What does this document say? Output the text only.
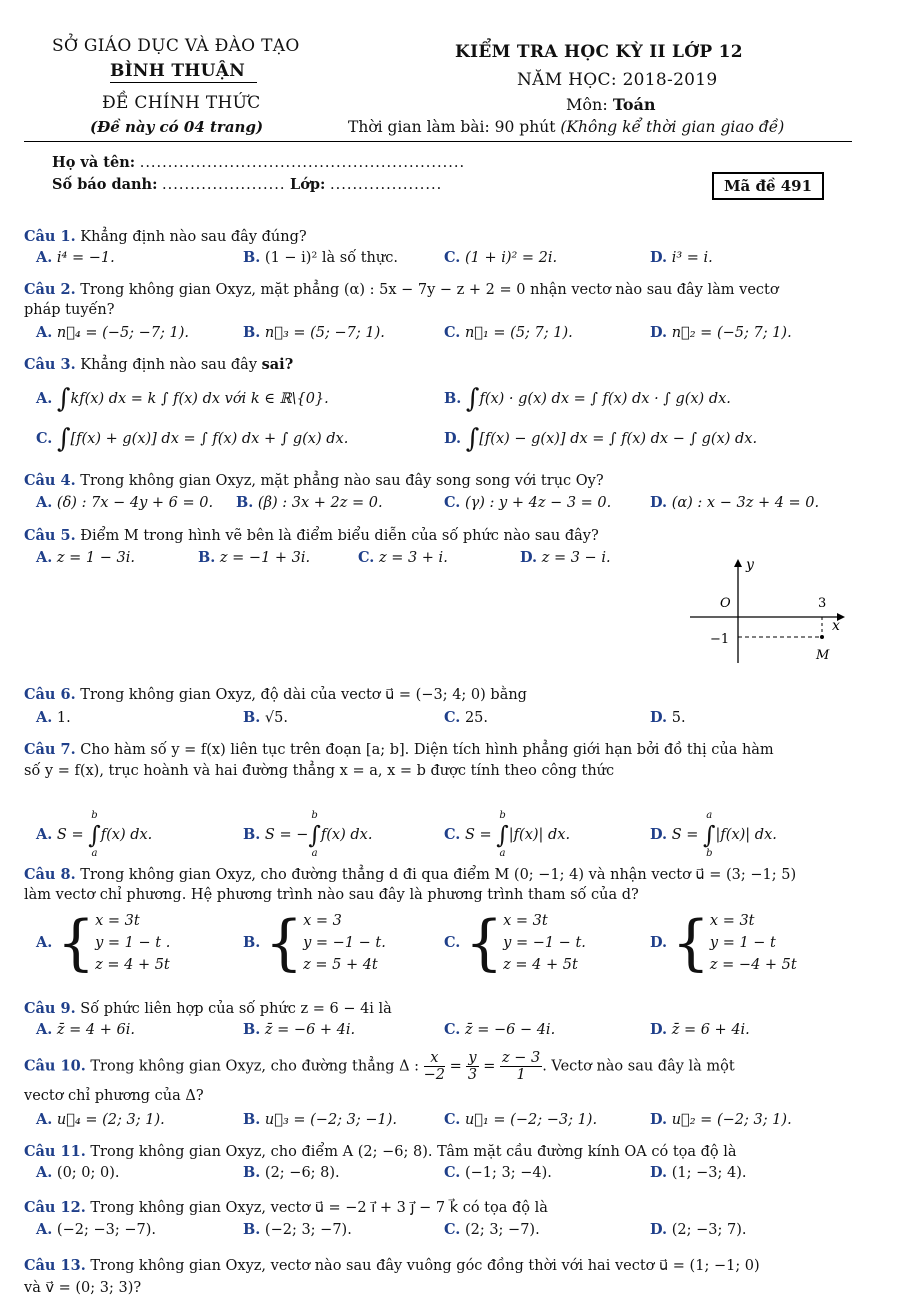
SỞ GIÁO DỤC VÀ ĐÀO TẠO
BÌNH THUẬN
ĐỀ CHÍNH THỨC
(Đề này có 04 trang)
KIỂM TRA HỌC KỲ II LỚP 12
NĂM HỌC: 2018-2019
Môn: Toán
Thời gian làm bài: 90 phút (Không kể thời gian giao đề)
Họ và tên: ..........................................................
Số báo danh: ...................... Lớp: ....................	Mã đề 491
Câu 1. Khẳng định nào sau đây đúng?
A. i⁴ = −1.	B. (1 − i)² là số thực.	C. (1 + i)² = 2i.	D. i³ = i.
Câu 2. Trong không gian Oxyz, mặt phẳng (α) : 5x − 7y − z + 2 = 0 nhận vectơ nào sau đây làm vectơ
pháp tuyến?
A. n⃗₄ = (−5; −7; 1).	B. n⃗₃ = (5; −7; 1).	C. n⃗₁ = (5; 7; 1).	D. n⃗₂ = (−5; 7; 1).
Câu 3. Khẳng định nào sau đây sai?
A. ∫kf(x) dx = k ∫ f(x) dx với k ∈ ℝ\{0}.	B. ∫f(x) · g(x) dx = ∫ f(x) dx · ∫ g(x) dx.
C. ∫[f(x) + g(x)] dx = ∫ f(x) dx + ∫ g(x) dx.	D. ∫[f(x) − g(x)] dx = ∫ f(x) dx − ∫ g(x) dx.
Câu 4. Trong không gian Oxyz, mặt phẳng nào sau đây song song với trục Oy?
A. (δ) : 7x − 4y + 6 = 0. B. (β) : 3x + 2z = 0.	C. (γ) : y + 4z − 3 = 0.	D. (α) : x − 3z + 4 = 0.
Câu 5. Điểm M trong hình vẽ bên là điểm biểu diễn của số phức nào sau đây?
A. z = 1 − 3i.	B. z = −1 + 3i.	C. z = 3 + i.	D. z = 3 − i.	y
x
O	3
−1
M
Câu 6. Trong không gian Oxyz, độ dài của vectơ u⃗ = (−3; 4; 0) bằng
A. 1.	B. √5.	C. 25.	D. 5.
Câu 7. Cho hàm số y = f(x) liên tục trên đoạn [a; b]. Diện tích hình phẳng giới hạn bởi đồ thị của hàm
số y = f(x), trục hoành và hai đường thẳng x = a, x = b được tính theo công thức
A. S =
b
∫
a
f(x) dx.	B. S = −
b
∫
a
f(x) dx.	C. S =
b
∫
a
|f(x)| dx.	D. S =
a
∫
b
|f(x)| dx.
Câu 8. Trong không gian Oxyz, cho đường thẳng d đi qua điểm M (0; −1; 4) và nhận vectơ u⃗ = (3; −1; 5)
làm vectơ chỉ phương. Hệ phương trình nào sau đây là phương trình tham số của d?
A. { x = 3t
y = 1 − t .
z = 4 + 5t
B. { x = 3
y = −1 − t.
z = 5 + 4t
C. { x = 3t
y = −1 − t.
z = 4 + 5t
D. { x = 3t
y = 1 − t
z = −4 + 5t
Câu 9. Số phức liên hợp của số phức z = 6 − 4i là
A. z̄ = 4 + 6i.	B. z̄ = −6 + 4i.	C. z̄ = −6 − 4i.	D. z̄ = 6 + 4i.
Câu 10. Trong không gian Oxyz, cho đường thẳng Δ : $\frac{x}{-2} = \frac{y}{3} = \frac{z - 3}{1}$ . Vectơ nào sau đây là một
vectơ chỉ phương của Δ?
A. u⃗₄ = (2; 3; 1).	B. u⃗₃ = (−2; 3; −1).	C. u⃗₁ = (−2; −3; 1).	D. u⃗₂ = (−2; 3; 1).
Câu 11. Trong không gian Oxyz, cho điểm A (2; −6; 8). Tâm mặt cầu đường kính OA có tọa độ là
A. (0; 0; 0).	B. (2; −6; 8).	C. (−1; 3; −4).	D. (1; −3; 4).
Câu 12. Trong không gian Oxyz, vectơ u⃗ = −2 i⃗ + 3 j⃗ − 7 k⃗ có tọa độ là
A. (−2; −3; −7).	B. (−2; 3; −7).	C. (2; 3; −7).	D. (2; −3; 7).
Câu 13. Trong không gian Oxyz, vectơ nào sau đây vuông góc đồng thời với hai vectơ u⃗ = (1; −1; 0)
và v⃗ = (0; 3; 3)?
